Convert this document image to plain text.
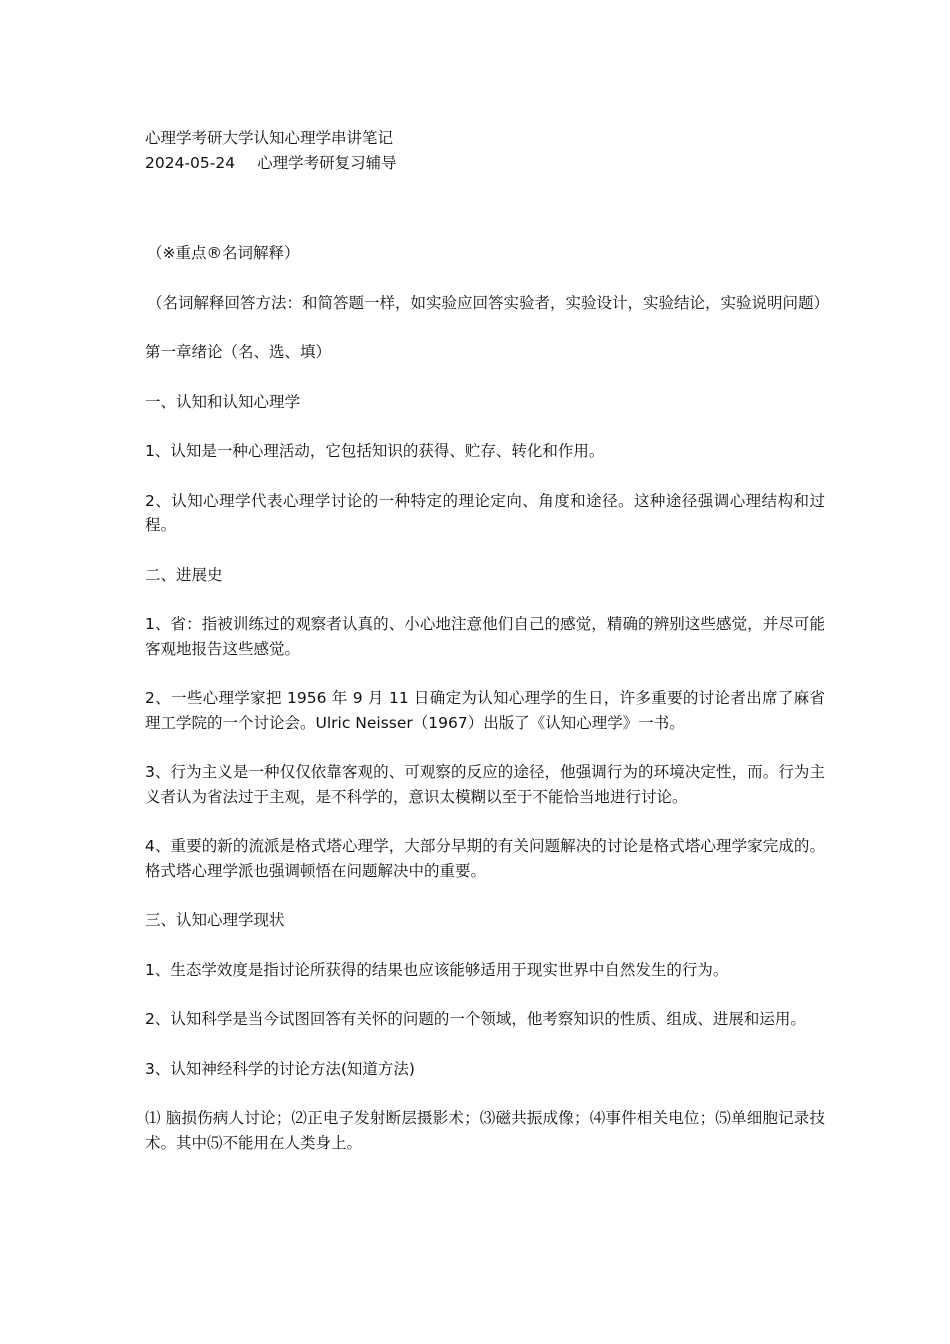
心理学考研大学认知心理学串讲笔记

2024-05-24 心理学考研复习辅导

（※重点®名词解释）

（名词解释回答方法：和简答题一样，如实验应回答实验者，实验设计，实验结论，实验说明问题）

第一章绪论（名、选、填）

一、认知和认知心理学

1、认知是一种心理活动，它包括知识的获得、贮存、转化和作用。

2、认知心理学代表心理学讨论的一种特定的理论定向、角度和途径。这种途径强调心理结构和过程。

二、进展史

1、省：指被训练过的观察者认真的、小心地注意他们自己的感觉，精确的辨别这些感觉，并尽可能客观地报告这些感觉。

2、一些心理学家把 1956 年 9 月 11 日确定为认知心理学的生日，许多重要的讨论者出席了麻省理工学院的一个讨论会。Ulric Neisser（1967）出版了《认知心理学》一书。

3、行为主义是一种仅仅依靠客观的、可观察的反应的途径，他强调行为的环境决定性，而。行为主义者认为省法过于主观，是不科学的，意识太模糊以至于不能恰当地进行讨论。

4、重要的新的流派是格式塔心理学，大部分早期的有关问题解决的讨论是格式塔心理学家完成的。格式塔心理学派也强调顿悟在问题解决中的重要。

三、认知心理学现状

1、生态学效度是指讨论所获得的结果也应该能够适用于现实世界中自然发生的行为。

2、认知科学是当今试图回答有关怀的问题的一个领域，他考察知识的性质、组成、进展和运用。

3、认知神经科学的讨论方法(知道方法)

⑴ 脑损伤病人讨论；⑵正电子发射断层摄影术；⑶磁共振成像；⑷事件相关电位；⑸单细胞记录技术。其中⑸不能用在人类身上。
